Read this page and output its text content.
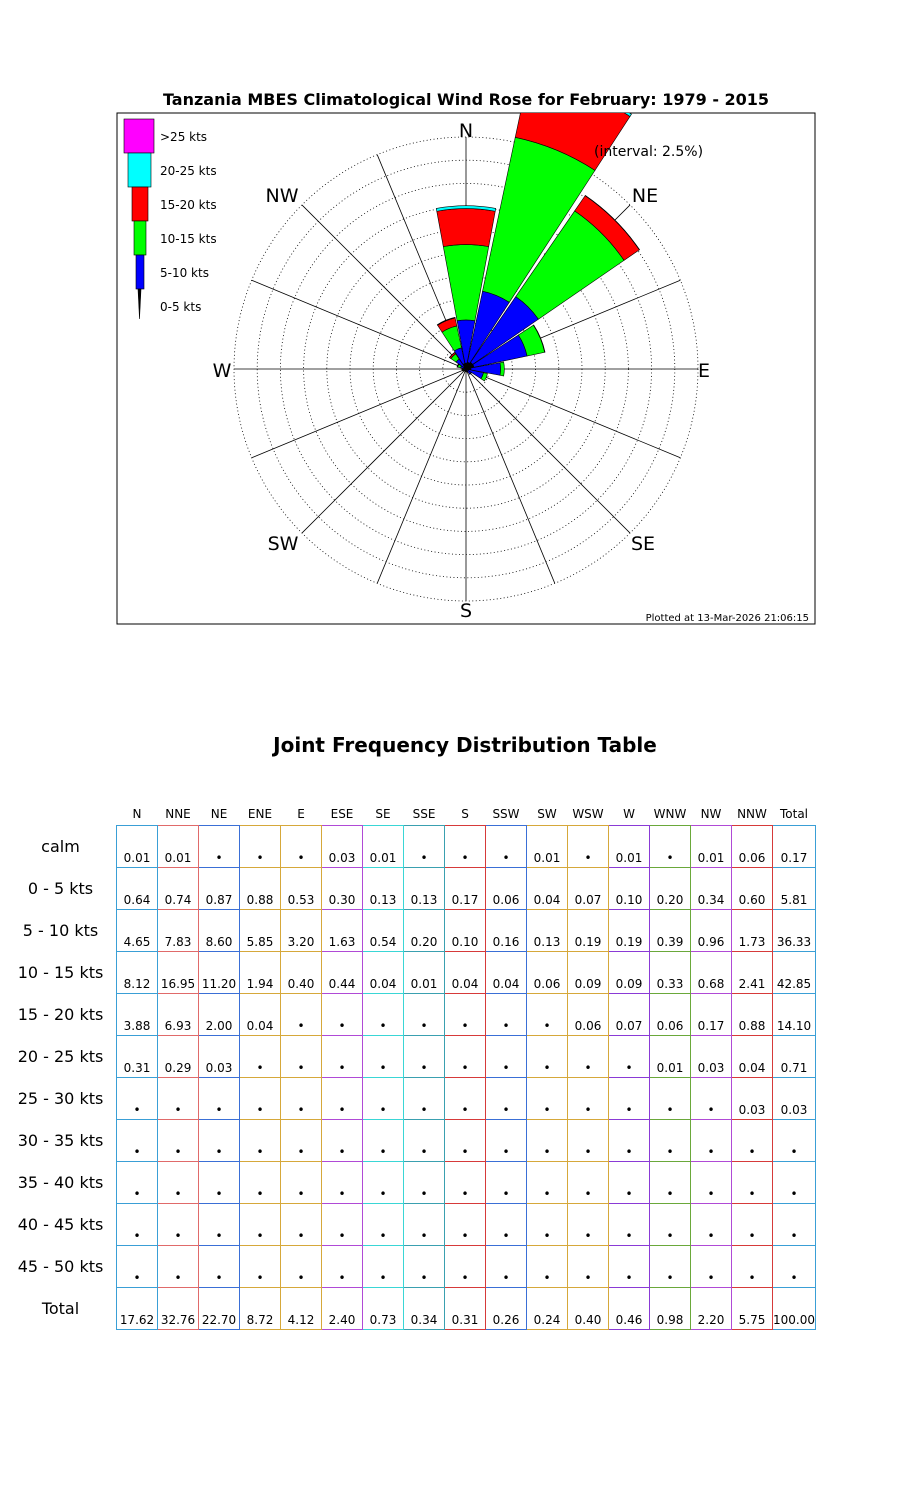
Tanzania MBES Climatological Wind Rose for February: 1979 - 2015
N
NE
E
SE
S
SW
W
NW
(interval: 2.5%)
>25 kts
20-25 kts
15-20 kts
10-15 kts
5-10 kts
0-5 kts
Plotted at 13-Mar-2026 21:06:15
Joint Frequency Distribution Table
	N	NNE	NE	ENE	E	ESE	SE	SSE	S	SSW	SW	WSW	W	WNW	NW	NNW	Total
calm	0.01	0.01	•	•	•	0.03	0.01	•	•	•	0.01	•	0.01	•	0.01	0.06	0.17
0 - 5 kts	0.64	0.74	0.87	0.88	0.53	0.30	0.13	0.13	0.17	0.06	0.04	0.07	0.10	0.20	0.34	0.60	5.81
5 - 10 kts	4.65	7.83	8.60	5.85	3.20	1.63	0.54	0.20	0.10	0.16	0.13	0.19	0.19	0.39	0.96	1.73	36.33
10 - 15 kts	8.12	16.95	11.20	1.94	0.40	0.44	0.04	0.01	0.04	0.04	0.06	0.09	0.09	0.33	0.68	2.41	42.85
15 - 20 kts	3.88	6.93	2.00	0.04	•	•	•	•	•	•	•	0.06	0.07	0.06	0.17	0.88	14.10
20 - 25 kts	0.31	0.29	0.03	•	•	•	•	•	•	•	•	•	•	0.01	0.03	0.04	0.71
25 - 30 kts	•	•	•	•	•	•	•	•	•	•	•	•	•	•	•	0.03	0.03
30 - 35 kts	•	•	•	•	•	•	•	•	•	•	•	•	•	•	•	•	•
35 - 40 kts	•	•	•	•	•	•	•	•	•	•	•	•	•	•	•	•	•
40 - 45 kts	•	•	•	•	•	•	•	•	•	•	•	•	•	•	•	•	•
45 - 50 kts	•	•	•	•	•	•	•	•	•	•	•	•	•	•	•	•	•
Total	17.62	32.76	22.70	8.72	4.12	2.40	0.73	0.34	0.31	0.26	0.24	0.40	0.46	0.98	2.20	5.75	100.00
